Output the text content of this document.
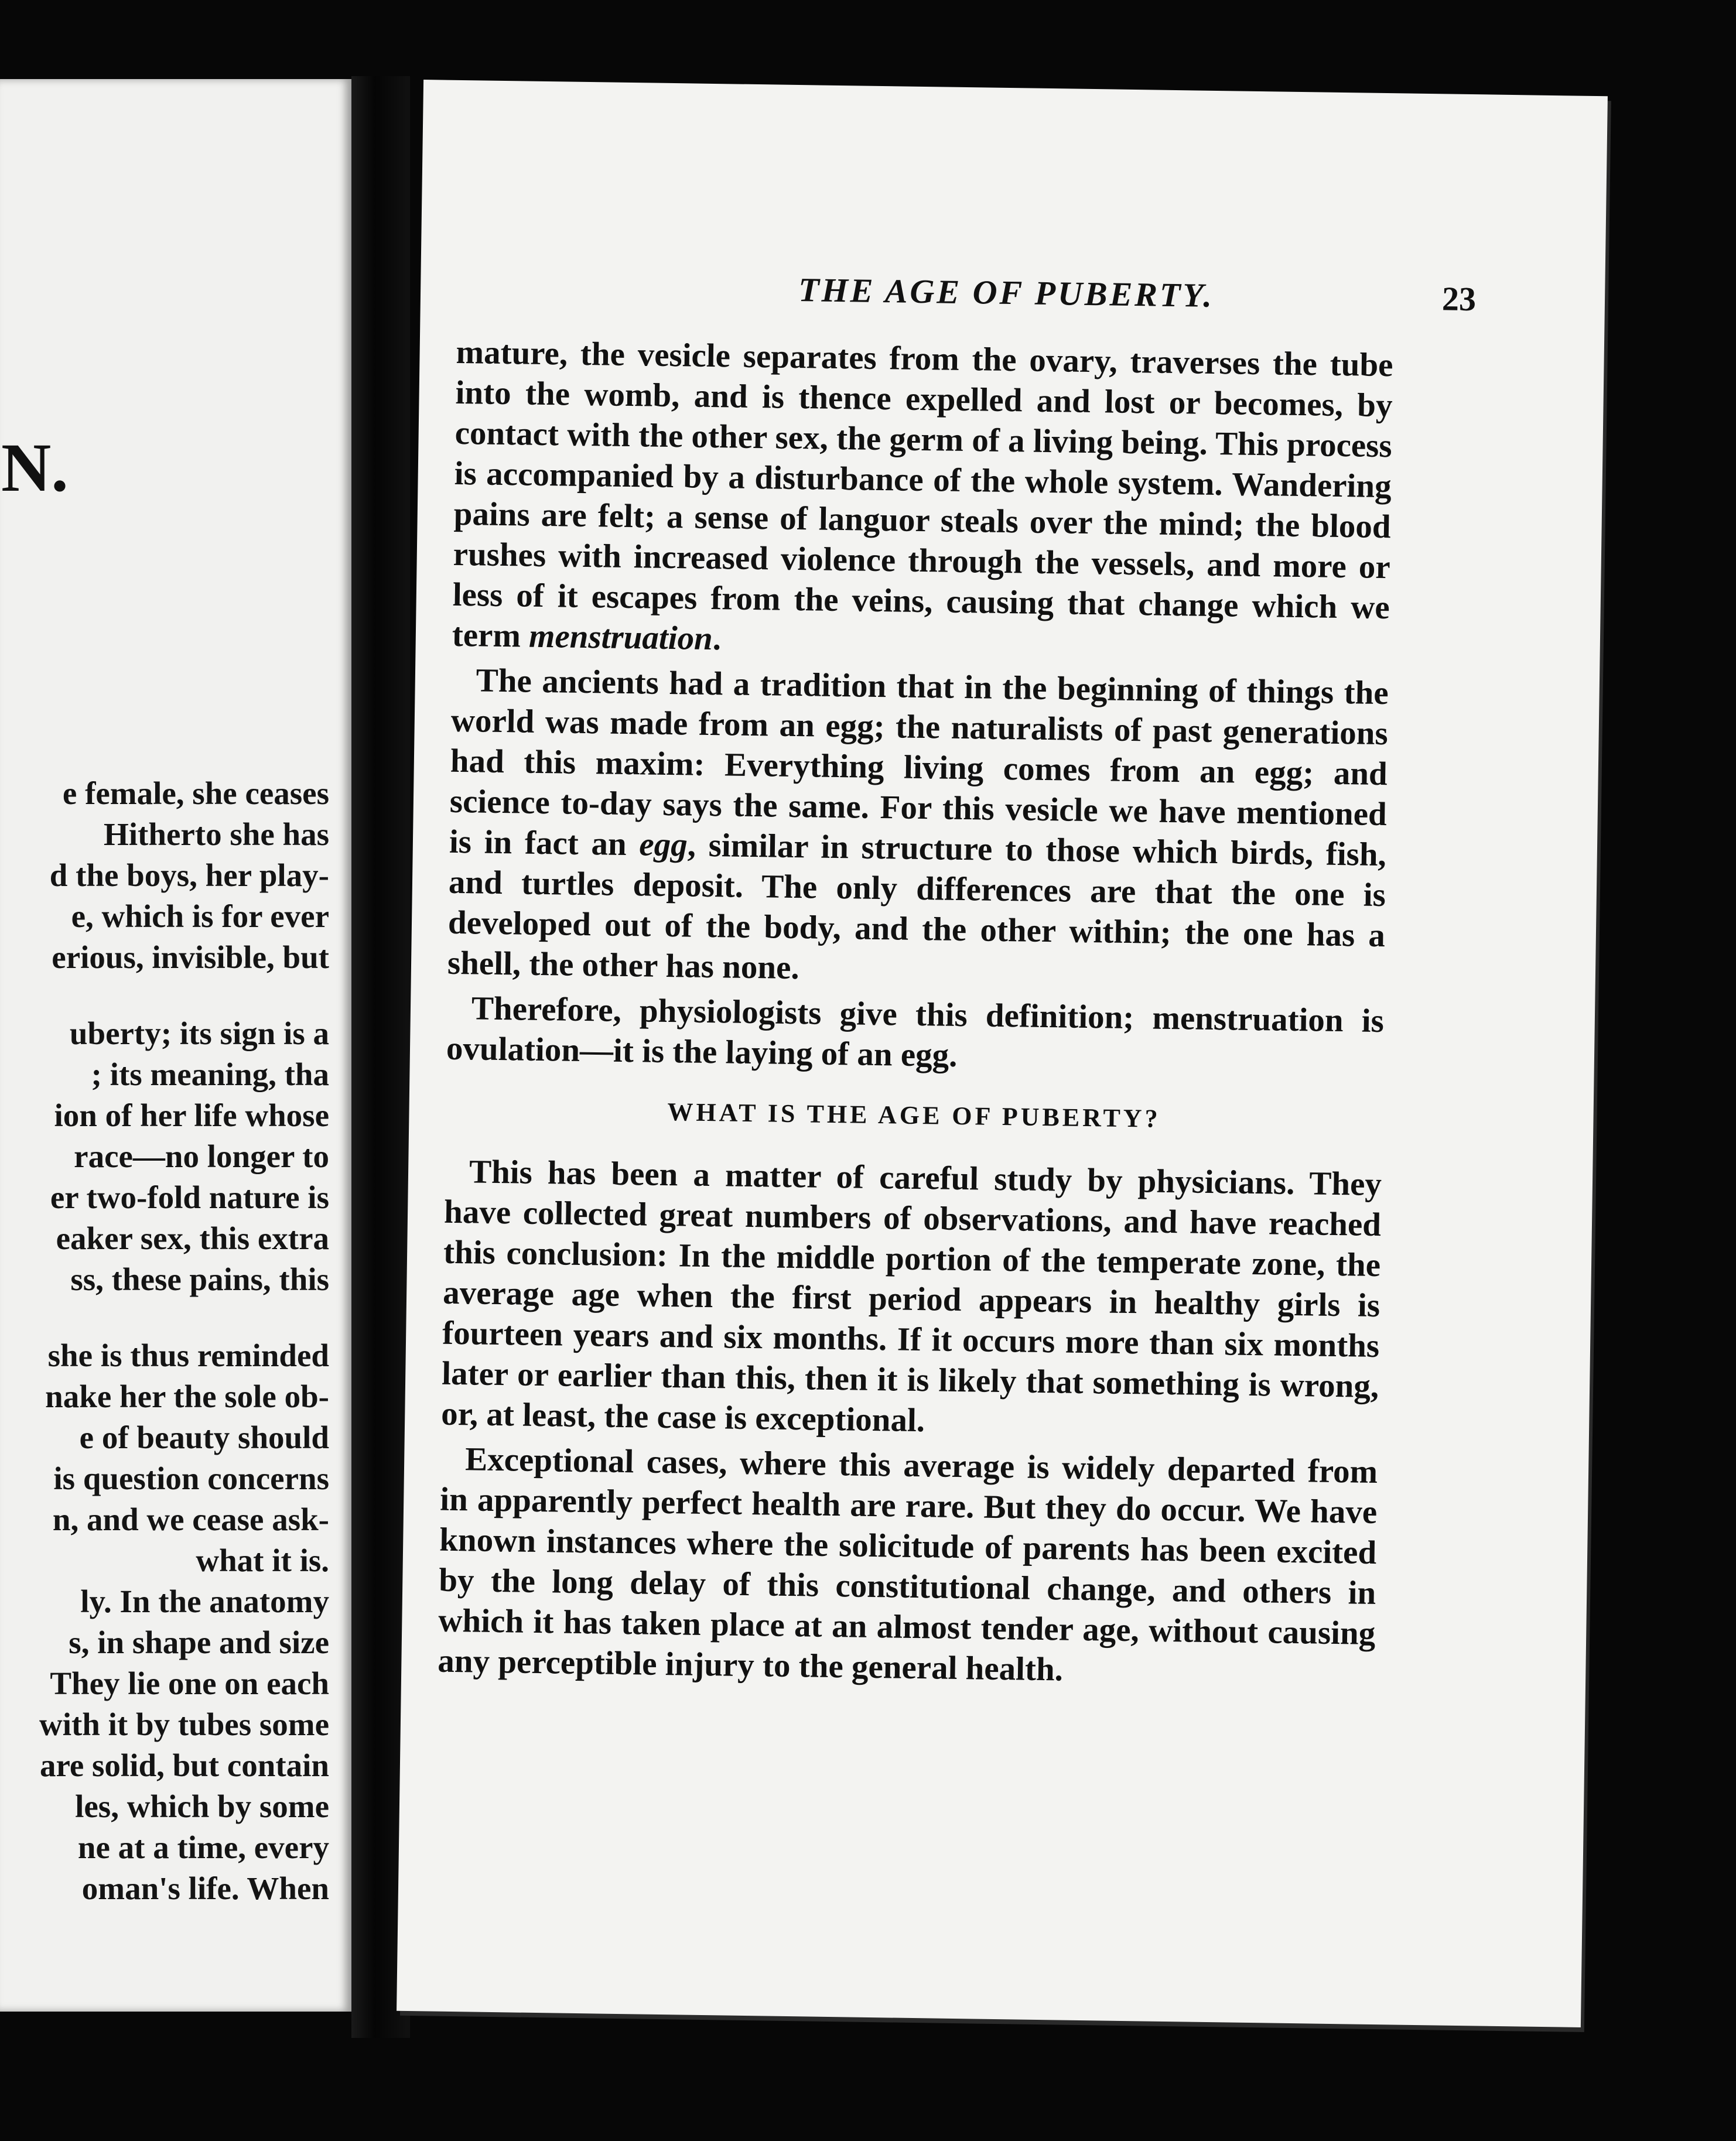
N.
e female, she ceases
Hitherto she has
d the boys, her play-
e, which is for ever
erious, invisible, but
uberty; its sign is a
; its meaning, tha
ion of her life whose
race—no longer to
er two-fold nature is
eaker sex, this extra
ss, these pains, this
she is thus reminded
nake her the sole ob-
e of beauty should
is question concerns
n, and we cease ask-
what it is.
ly. In the anatomy
s, in shape and size
They lie one on each
with it by tubes some
are solid, but contain
les, which by some
ne at a time, every
oman's life. When
THE AGE OF PUBERTY.	23

mature, the vesicle separates from the ovary, traverses the tube into the womb, and is thence expelled and lost or becomes, by contact with the other sex, the germ of a living being. This process is accompanied by a disturbance of the whole system. Wandering pains are felt; a sense of languor steals over the mind; the blood rushes with increased violence through the vessels, and more or less of it escapes from the veins, causing that change which we term menstruation.

The ancients had a tradition that in the beginning of things the world was made from an egg; the naturalists of past generations had this maxim: Everything living comes from an egg; and science to-day says the same. For this vesicle we have mentioned is in fact an egg, similar in structure to those which birds, fish, and turtles deposit. The only differences are that the one is developed out of the body, and the other within; the one has a shell, the other has none.

Therefore, physiologists give this definition; menstruation is ovulation—it is the laying of an egg.

WHAT IS THE AGE OF PUBERTY?

This has been a matter of careful study by physicians. They have collected great numbers of observations, and have reached this conclusion: In the middle portion of the temperate zone, the average age when the first period appears in healthy girls is fourteen years and six months. If it occurs more than six months later or earlier than this, then it is likely that something is wrong, or, at least, the case is exceptional.

Exceptional cases, where this average is widely departed from in apparently perfect health are rare. But they do occur. We have known instances where the solicitude of parents has been excited by the long delay of this constitutional change, and others in which it has taken place at an almost tender age, without causing any perceptible injury to the general health.
